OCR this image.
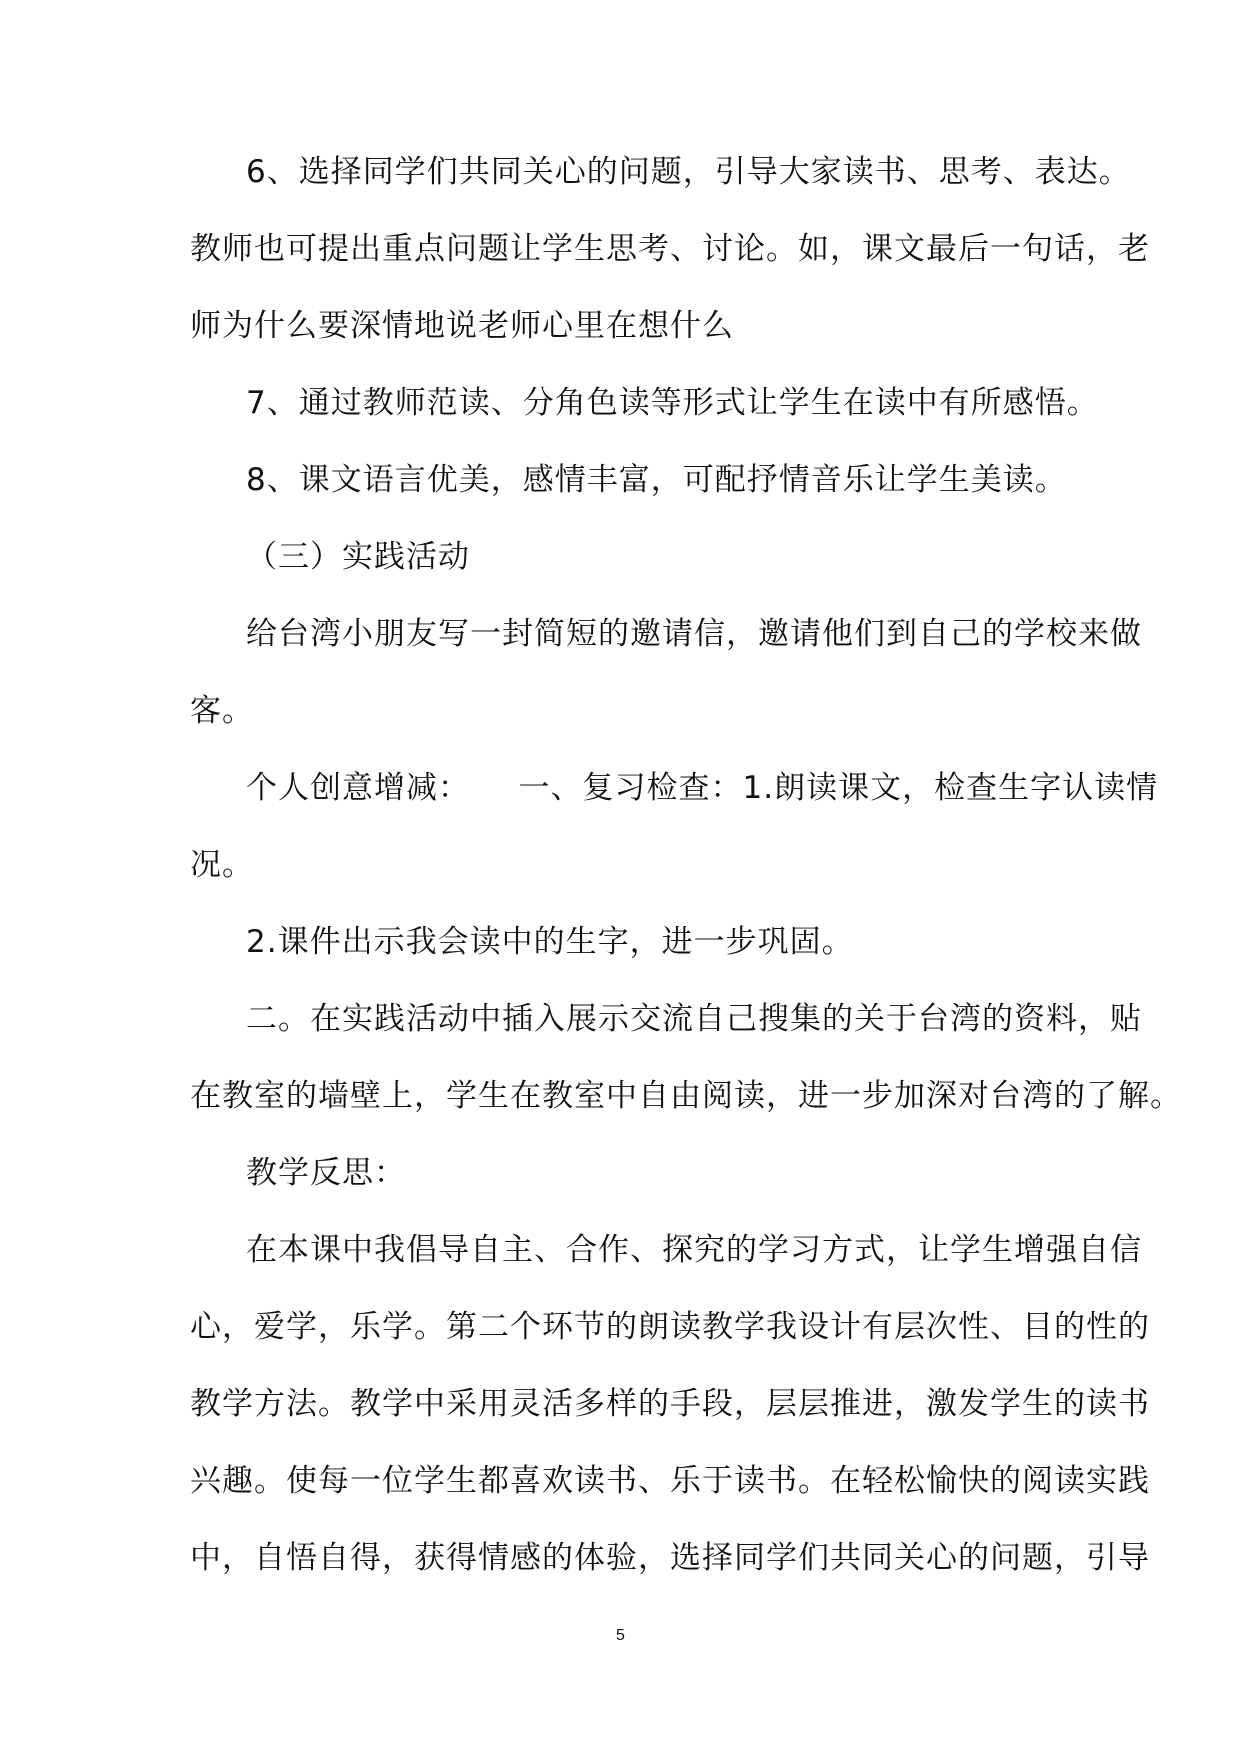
6、选择同学们共同关心的问题，引导大家读书、思考、表达。
教师也可提出重点问题让学生思考、讨论。如，课文最后一句话，老
师为什么要深情地说老师心里在想什么
7、通过教师范读、分角色读等形式让学生在读中有所感悟。
8、课文语言优美，感情丰富，可配抒情音乐让学生美读。
（三）实践活动
给台湾小朋友写一封简短的邀请信，邀请他们到自己的学校来做
客。
个人创意增减：　　一、复习检查：1.朗读课文，检查生字认读情
况。
2.课件出示我会读中的生字，进一步巩固。
二。在实践活动中插入展示交流自己搜集的关于台湾的资料，贴
在教室的墙壁上，学生在教室中自由阅读，进一步加深对台湾的了解。
教学反思：
在本课中我倡导自主、合作、探究的学习方式，让学生增强自信
心，爱学，乐学。第二个环节的朗读教学我设计有层次性、目的性的
教学方法。教学中采用灵活多样的手段，层层推进，激发学生的读书
兴趣。使每一位学生都喜欢读书、乐于读书。在轻松愉快的阅读实践
中，自悟自得，获得情感的体验，选择同学们共同关心的问题，引导
5
